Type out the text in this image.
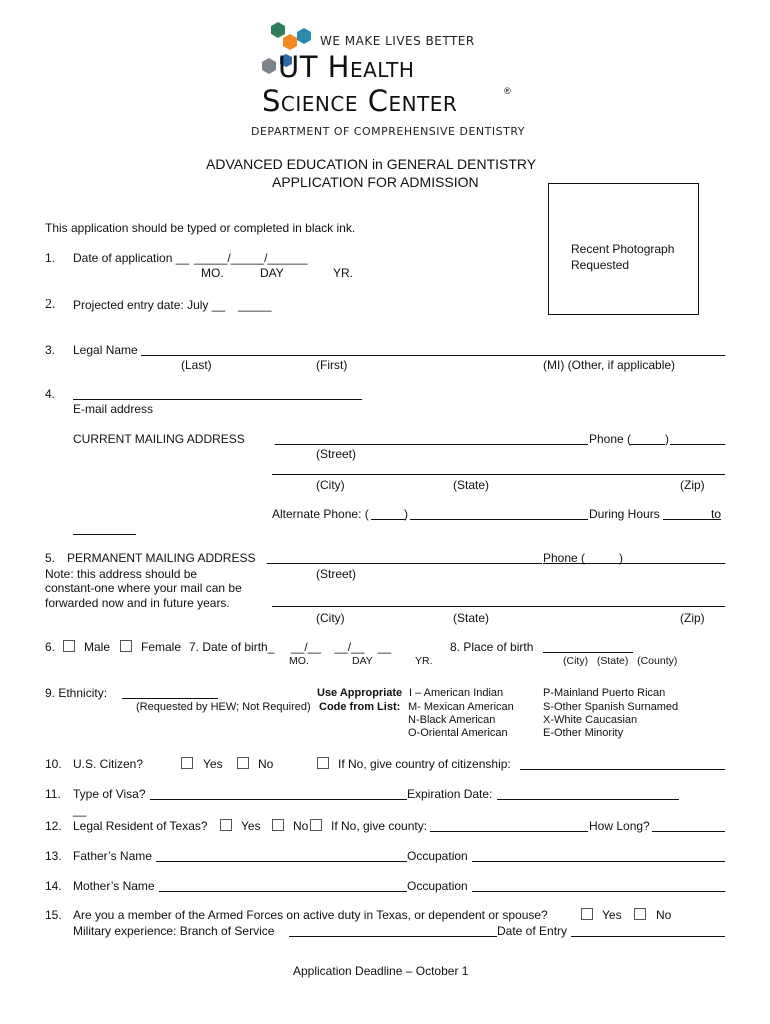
WE MAKE LIVES BETTER
UT Health
Science Center	®
DEPARTMENT OF COMPREHENSIVE DENTISTRY
ADVANCED EDUCATION in GENERAL DENTISTRY
APPLICATION FOR ADMISSION
Recent Photograph Requested
This application should be typed or completed in black ink.
1. Date of application __ _____/_____/______
MO.	DAY	YR.
2. Projected entry date: July __ _____
3. Legal Name
(Last)	(First)	(MI) (Other, if applicable)
4.
E-mail address
CURRENT MAILING ADDRESS	Phone (	)
(Street)
(City)	(State)	(Zip)
Alternate Phone: (	)	During Hours	to
5. PERMANENT MAILING ADDRESS	Phone (	)
Note: this address should be
constant-one where your mail can be
forwarded now and in future years.
(Street)
(City)	(State)	(Zip)
6. Male	Female 7. Date of birth_ __/__    __/__    __
MO.	DAY	YR.
8. Place of birth
(City)   (State)   (County)
9. Ethnicity:
(Requested by HEW; Not Required)
Use Appropriate
Code from List:
I – American Indian
M- Mexican American
N-Black American
O-Oriental American
P-Mainland Puerto Rican
S-Other Spanish Surnamed
X-White Caucasian
E-Other Minority
10. U.S. Citizen?	Yes	No	If No, give country of citizenship:
11. Type of Visa?	Expiration Date:
__
12. Legal Resident of Texas?	Yes	No If No, give county:	How Long?
13. Father’s Name	Occupation
14. Mother’s Name	Occupation
15. Are you a member of the Armed Forces on active duty in Texas, or dependent or spouse?	Yes	No
Military experience: Branch of Service	Date of Entry
Application Deadline – October 1
